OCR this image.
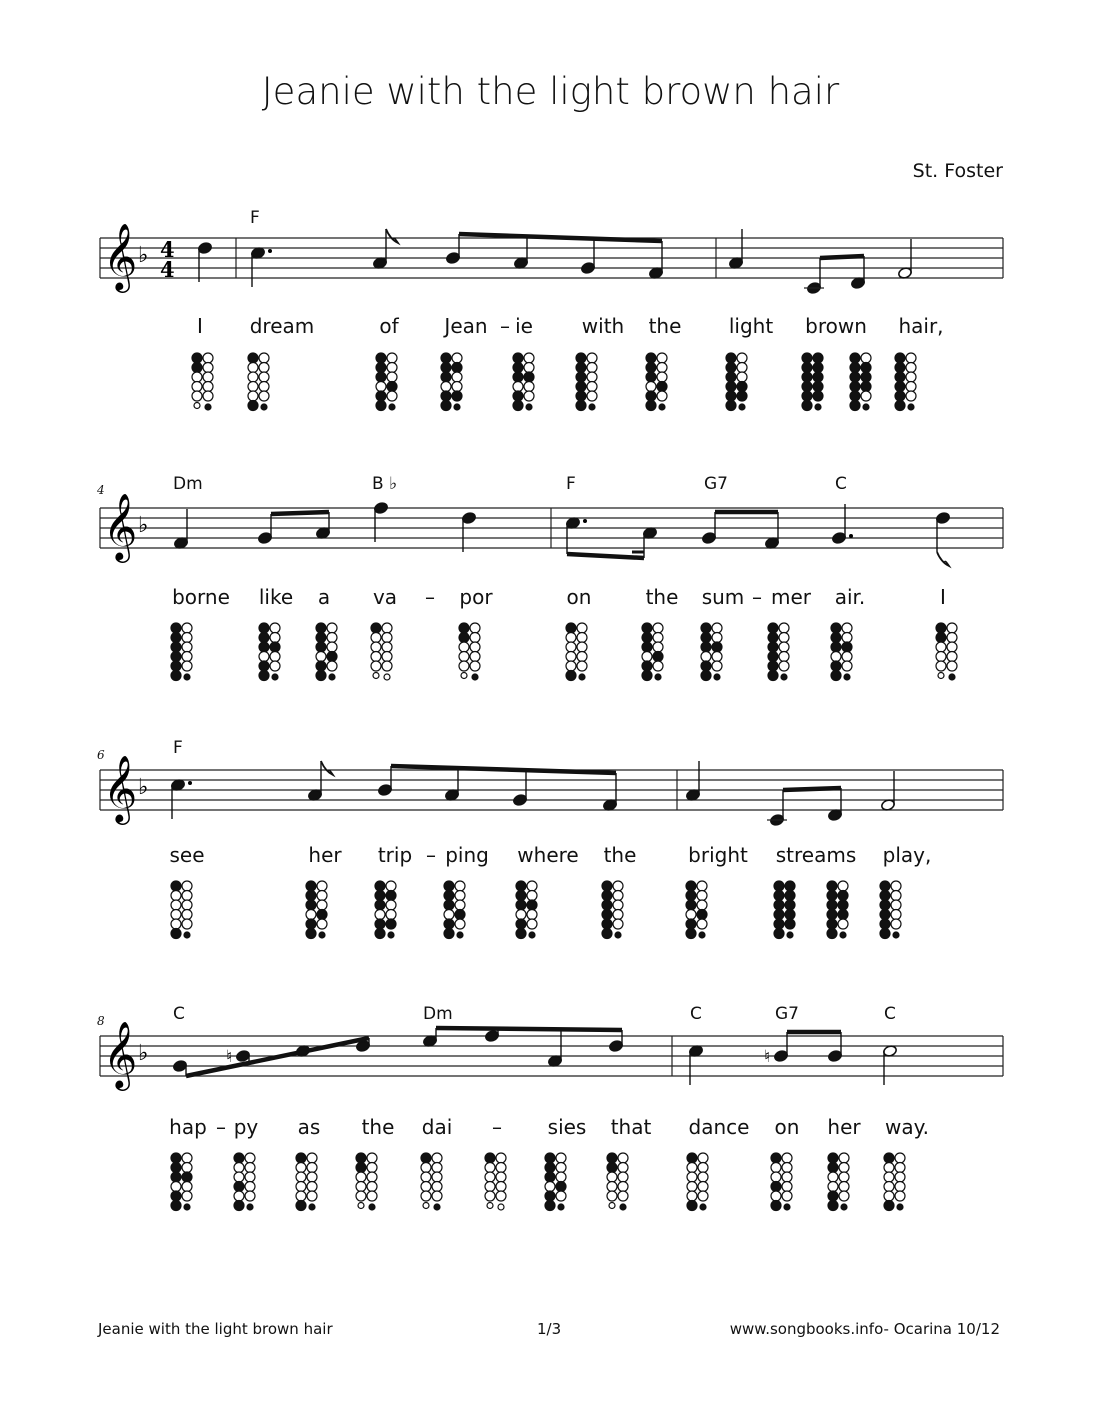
Jeanie with the light brown hair
St. Foster
F
𝄞 ♭ 4
4
I dream	of Jean – ie with the light brown hair,
4	Dm	B ♭	F	G7	C
𝄞 ♭
borne like a va – por	on	the sum – mer air.	I
6	F
𝄞 ♭
see	her trip – ping where the	bright streams play,
8	C	Dm	C	G7	C
𝄞 ♭	♮	♮
hap – py as the dai – sies that dance on her way.
Jeanie with the light brown hair	1/3	www.songbooks.info- Ocarina 10/12
